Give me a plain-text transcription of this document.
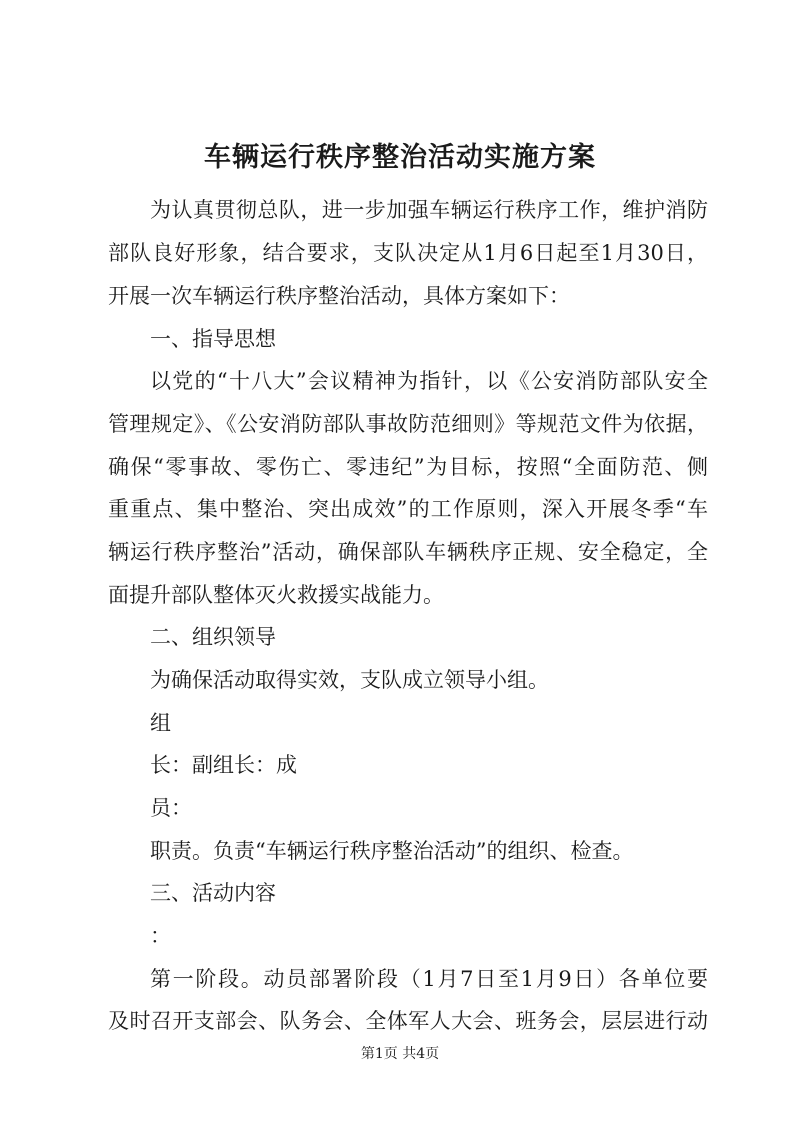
车辆运行秩序整治活动实施方案

为认真贯彻总队，进一步加强车辆运行秩序工作，维护消防

部队良好形象，结合要求，支队决定从1月6日起至1月30日，

开展一次车辆运行秩序整治活动，具体方案如下：

一、指导思想

以党的“十八大”会议精神为指针，以《公安消防部队安全

管理规定》、《公安消防部队事故防范细则》等规范文件为依据，

确保“零事故、零伤亡、零违纪”为目标，按照“全面防范、侧

重重点、集中整治、突出成效”的工作原则，深入开展冬季“车

辆运行秩序整治”活动，确保部队车辆秩序正规、安全稳定，全

面提升部队整体灭火救援实战能力。

二、组织领导

为确保活动取得实效，支队成立领导小组。

组

长：副组长：成

员：

职责。负责“车辆运行秩序整治活动”的组织、检查。

三、活动内容

：

第一阶段。动员部署阶段（1月7日至1月9日）各单位要

及时召开支部会、队务会、全体军人大会、班务会，层层进行动

第1页 共4页
